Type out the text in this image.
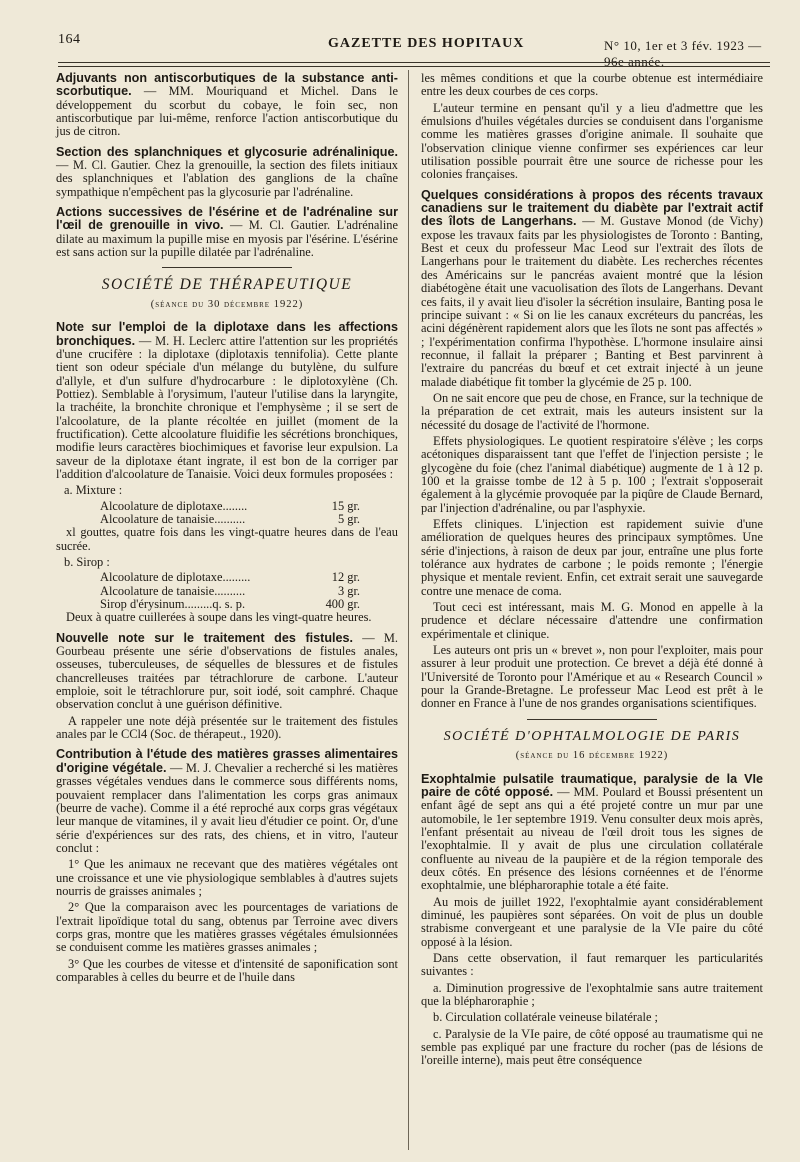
164	GAZETTE DES HOPITAUX	N° 10, 1er et 3 fév. 1923 — 96e année.

Adjuvants non antiscorbutiques de la substance anti-scorbutique. — MM. Mouriquand et Michel. Dans le développement du scorbut du cobaye, le foin sec, non antiscorbutique par lui-même, renforce l'action antiscorbutique du jus de citron.

Section des splanchniques et glycosurie adrénalinique. — M. Cl. Gautier. Chez la grenouille, la section des filets initiaux des splanchniques et l'ablation des ganglions de la chaîne sympathique n'empêchent pas la glycosurie par l'adrénaline.

Actions successives de l'ésérine et de l'adrénaline sur l'œil de grenouille in vivo. — M. Cl. Gautier. L'adrénaline dilate au maximum la pupille mise en myosis par l'ésérine. L'ésérine est sans action sur la pupille dilatée par l'adrénaline.

SOCIÉTÉ DE THÉRAPEUTIQUE

(séance du 30 décembre 1922)

Note sur l'emploi de la diplotaxe dans les affections bronchiques. — M. H. Leclerc attire l'attention sur les propriétés d'une crucifère : la diplotaxe (diplotaxis tennifolia). Cette plante tient son odeur spéciale d'un mélange du butylène, du sulfure d'allyle, et d'un sulfure d'hydrocarbure : le diplotoxylène (Ch. Pottiez). Semblable à l'orysimum, l'auteur l'utilise dans la laryngite, la trachéite, la bronchite chronique et l'emphysème ; il se sert de l'alcoolature, de la plante récoltée en juillet (moment de la fructification). Cette alcoolature fluidifie les sécrétions bronchiques, modifie leurs caractères biochimiques et favorise leur expulsion. La saveur de la diplotaxe étant ingrate, il est bon de la corriger par l'addition d'alcoolature de Tanaisie. Voici deux formules proposées :

a. Mixture :

Alcoolature de diplotaxe........	15 gr.
Alcoolature de tanaisie..........	5 gr.

xl gouttes, quatre fois dans les vingt-quatre heures dans de l'eau sucrée.

b. Sirop :

Alcoolature de diplotaxe.........	12 gr.
Alcoolature de tanaisie..........	3 gr.
Sirop d'érysinum.........q. s. p.	400 gr.

Deux à quatre cuillerées à soupe dans les vingt-quatre heures.

Nouvelle note sur le traitement des fistules. — M. Gourbeau présente une série d'observations de fistules anales, osseuses, tuberculeuses, de séquelles de blessures et de fistules chancrelleuses traitées par tétrachlorure de carbone. L'auteur emploie, soit le tétrachlorure pur, soit iodé, soit camphré. Chaque observation conclut à une guérison définitive.

A rappeler une note déjà présentée sur le traitement des fistules anales par le CCl4 (Soc. de thérapeut., 1920).

Contribution à l'étude des matières grasses alimentaires d'origine végétale. — M. J. Chevalier a recherché si les matières grasses végétales vendues dans le commerce sous différents noms, pouvaient remplacer dans l'alimentation les corps gras animaux (beurre de vache). Comme il a été reproché aux corps gras végétaux leur manque de vitamines, il y avait lieu d'étudier ce point. Or, d'une série d'expériences sur des rats, des chiens, et in vitro, l'auteur conclut :

1° Que les animaux ne recevant que des matières végétales ont une croissance et une vie physiologique semblables à d'autres sujets nourris de graisses animales ;

2° Que la comparaison avec les pourcentages de variations de l'extrait lipoïdique total du sang, obtenus par Terroine avec divers corps gras, montre que les matières grasses végétales émulsionnées se conduisent comme les matières grasses animales ;

3° Que les courbes de vitesse et d'intensité de saponification sont comparables à celles du beurre et de l'huile dans

les mêmes conditions et que la courbe obtenue est intermédiaire entre les deux courbes de ces corps.

L'auteur termine en pensant qu'il y a lieu d'admettre que les émulsions d'huiles végétales durcies se conduisent dans l'organisme comme les matières grasses d'origine animale. Il souhaite que l'observation clinique vienne confirmer ses expériences car leur utilisation possible pourrait être une source de richesse pour les colonies françaises.

Quelques considérations à propos des récents travaux canadiens sur le traitement du diabète par l'extrait actif des îlots de Langerhans. — M. Gustave Monod (de Vichy) expose les travaux faits par les physiologistes de Toronto : Banting, Best et ceux du professeur Mac Leod sur l'extrait des îlots de Langerhans pour le traitement du diabète. Les recherches récentes des Américains sur le pancréas avaient montré que la lésion diabétogène était une vacuolisation des îlots de Langerhans. Devant ces faits, il y avait lieu d'isoler la sécrétion insulaire, Banting posa le principe suivant : « Si on lie les canaux excréteurs du pancréas, les acini dégénèrent rapidement alors que les îlots ne sont pas affectés » ; l'expérimentation confirma l'hypothèse. L'hormone insulaire ainsi reconnue, il fallait la préparer ; Banting et Best parvinrent à l'extraire du pancréas du bœuf et cet extrait injecté à un jeune malade diabétique fit tomber la glycémie de 25 p. 100.

On ne sait encore que peu de chose, en France, sur la technique de la préparation de cet extrait, mais les auteurs insistent sur la nécessité du dosage de l'activité de l'hormone.

Effets physiologiques. Le quotient respiratoire s'élève ; les corps acétoniques disparaissent tant que l'effet de l'injection persiste ; le glycogène du foie (chez l'animal diabétique) augmente de 1 à 12 p. 100 et la graisse tombe de 12 à 5 p. 100 ; l'extrait s'opposerait également à la glycémie provoquée par la piqûre de Claude Bernard, par l'injection d'adrénaline, ou par l'asphyxie.

Effets cliniques. L'injection est rapidement suivie d'une amélioration de quelques heures des principaux symptômes. Une série d'injections, à raison de deux par jour, entraîne une plus forte tolérance aux hydrates de carbone ; le poids remonte ; l'énergie physique et mentale revient. Enfin, cet extrait serait une sauvegarde contre une menace de coma.

Tout ceci est intéressant, mais M. G. Monod en appelle à la prudence et déclare nécessaire d'attendre une confirmation expérimentale et clinique.

Les auteurs ont pris un « brevet », non pour l'exploiter, mais pour assurer à leur produit une protection. Ce brevet a déjà été donné à l'Université de Toronto pour l'Amérique et au « Research Council » pour la Grande-Bretagne. Le professeur Mac Leod est prêt à le donner en France à l'une de nos grandes organisations scientifiques.

SOCIÉTÉ D'OPHTALMOLOGIE DE PARIS

(séance du 16 décembre 1922)

Exophtalmie pulsatile traumatique, paralysie de la VIe paire de côté opposé. — MM. Poulard et Boussi présentent un enfant âgé de sept ans qui a été projeté contre un mur par une automobile, le 1er septembre 1919. Venu consulter deux mois après, l'enfant présentait au niveau de l'œil droit tous les signes de l'exophtalmie. Il y avait de plus une circulation collatérale confluente au niveau de la paupière et de la région temporale des deux côtés. En présence des lésions cornéennes et de l'énorme exophtalmie, une blépharoraphie totale a été faite.

Au mois de juillet 1922, l'exophtalmie ayant considérablement diminué, les paupières sont séparées. On voit de plus un double strabisme convergeant et une paralysie de la VIe paire du côté opposé à la lésion.

Dans cette observation, il faut remarquer les particularités suivantes :

a. Diminution progressive de l'exophtalmie sans autre traitement que la blépharoraphie ;

b. Circulation collatérale veineuse bilatérale ;

c. Paralysie de la VIe paire, de côté opposé au traumatisme qui ne semble pas expliqué par une fracture du rocher (pas de lésions de l'oreille interne), mais peut être conséquence
